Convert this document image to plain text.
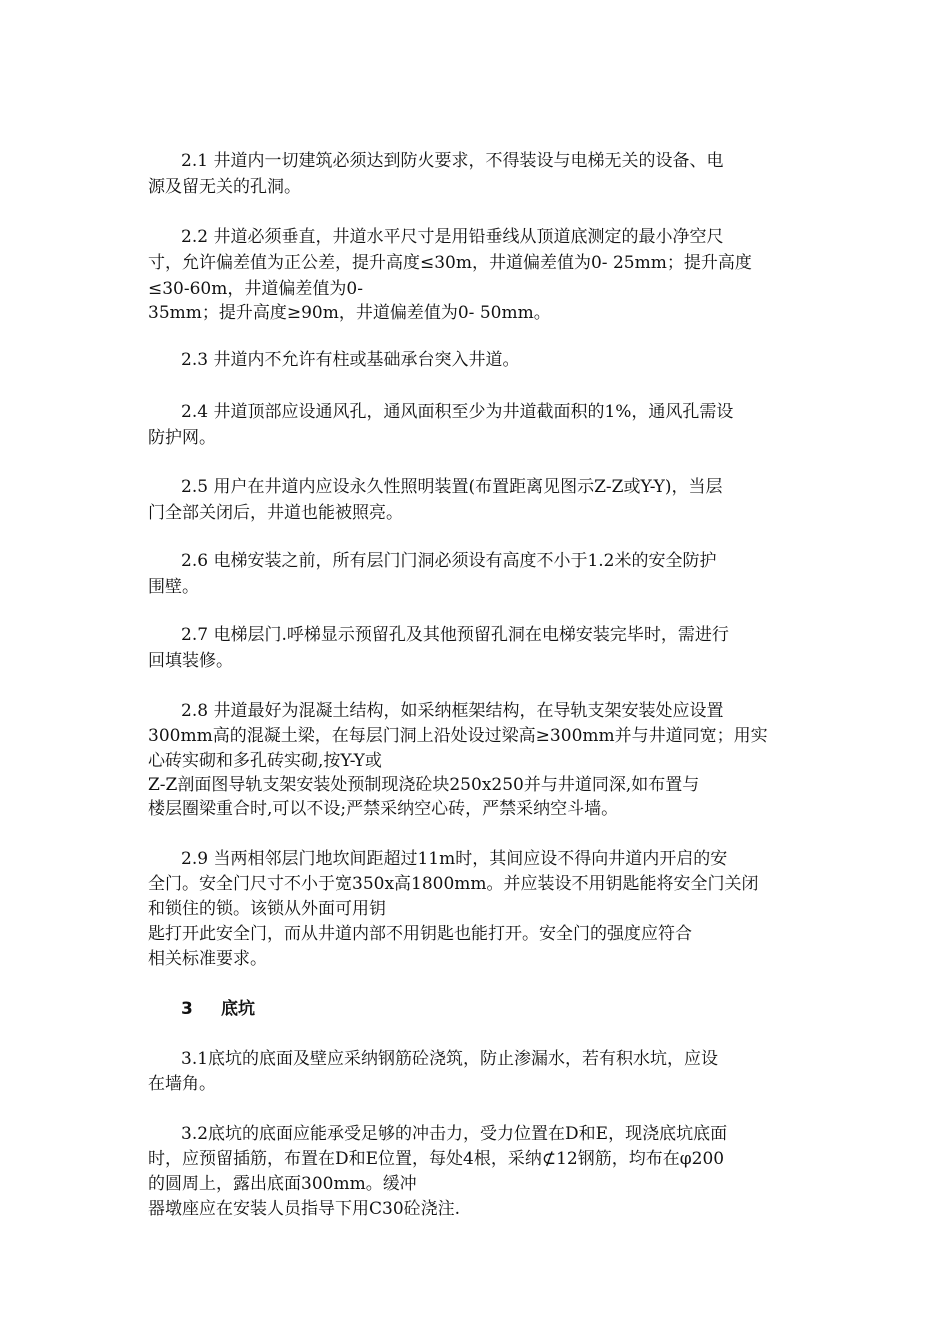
2.1 井道内一切建筑必须达到防火要求，不得装设与电梯无关的设备、电

源及留无关的孔洞。

2.2 井道必须垂直，井道水平尺寸是用铅垂线从顶道底测定的最小净空尺

寸，允许偏差值为正公差，提升高度≤30m，井道偏差值为0- 25mm；提升高度

≤30-60m，井道偏差值为0-

35mm；提升高度≥90m，井道偏差值为0- 50mm。

2.3 井道内不允许有柱或基础承台突入井道。

2.4 井道顶部应设通风孔，通风面积至少为井道截面积的1%，通风孔需设

防护网。

2.5 用户在井道内应设永久性照明装置(布置距离见图示Z-Z或Y-Y)，当层

门全部关闭后，井道也能被照亮。

2.6 电梯安装之前，所有层门门洞必须设有高度不小于1.2米的安全防护

围壁。

2.7 电梯层门.呼梯显示预留孔及其他预留孔洞在电梯安装完毕时，需进行

回填装修。

2.8 井道最好为混凝土结构，如采纳框架结构，在导轨支架安装处应设置

300mm高的混凝土梁，在每层门洞上沿处设过梁高≥300mm并与井道同宽；用实

心砖实砌和多孔砖实砌,按Y-Y或

Z-Z剖面图导轨支架安装处预制现浇砼块250x250并与井道同深,如布置与

楼层圈梁重合时,可以不设;严禁采纳空心砖，严禁采纳空斗墙。

2.9 当两相邻层门地坎间距超过11m时，其间应设不得向井道内开启的安

全门。安全门尺寸不小于宽350x高1800mm。并应装设不用钥匙能将安全门关闭

和锁住的锁。该锁从外面可用钥

匙打开此安全门，而从井道内部不用钥匙也能打开。安全门的强度应符合

相关标准要求。

3 底坑

3.1底坑的底面及壁应采纳钢筋砼浇筑，防止渗漏水，若有积水坑，应设

在墙角。

3.2底坑的底面应能承受足够的冲击力，受力位置在D和E，现浇底坑底面

时，应预留插筋，布置在D和E位置，每处4根，采纳⊄12钢筋，均布在φ200

的圆周上，露出底面300mm。缓冲

器墩座应在安装人员指导下用C30砼浇注.
